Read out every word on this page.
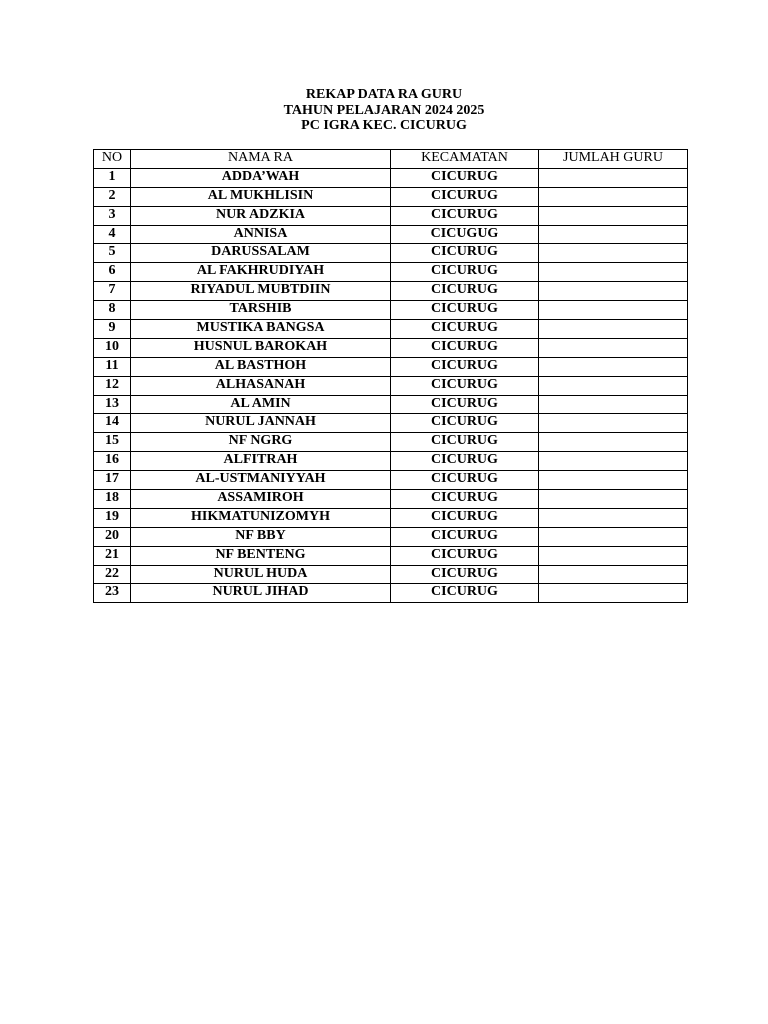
REKAP DATA RA GURU
TAHUN PELAJARAN 2024 2025
PC IGRA KEC. CICURUG
NO	NAMA RA	KECAMATAN	JUMLAH GURU
1	ADDA’WAH	CICURUG	
2	AL MUKHLISIN	CICURUG	
3	NUR ADZKIA	CICURUG	
4	ANNISA	CICUGUG	
5	DARUSSALAM	CICURUG	
6	AL FAKHRUDIYAH	CICURUG	
7	RIYADUL MUBTDIIN	CICURUG	
8	TARSHIB	CICURUG	
9	MUSTIKA BANGSA	CICURUG	
10	HUSNUL BAROKAH	CICURUG	
11	AL BASTHOH	CICURUG	
12	ALHASANAH	CICURUG	
13	AL AMIN	CICURUG	
14	NURUL JANNAH	CICURUG	
15	NF NGRG	CICURUG	
16	ALFITRAH	CICURUG	
17	AL-USTMANIYYAH	CICURUG	
18	ASSAMIROH	CICURUG	
19	HIKMATUNIZOMYH	CICURUG	
20	NF BBY	CICURUG	
21	NF BENTENG	CICURUG	
22	NURUL HUDA	CICURUG	
23	NURUL JIHAD	CICURUG	
